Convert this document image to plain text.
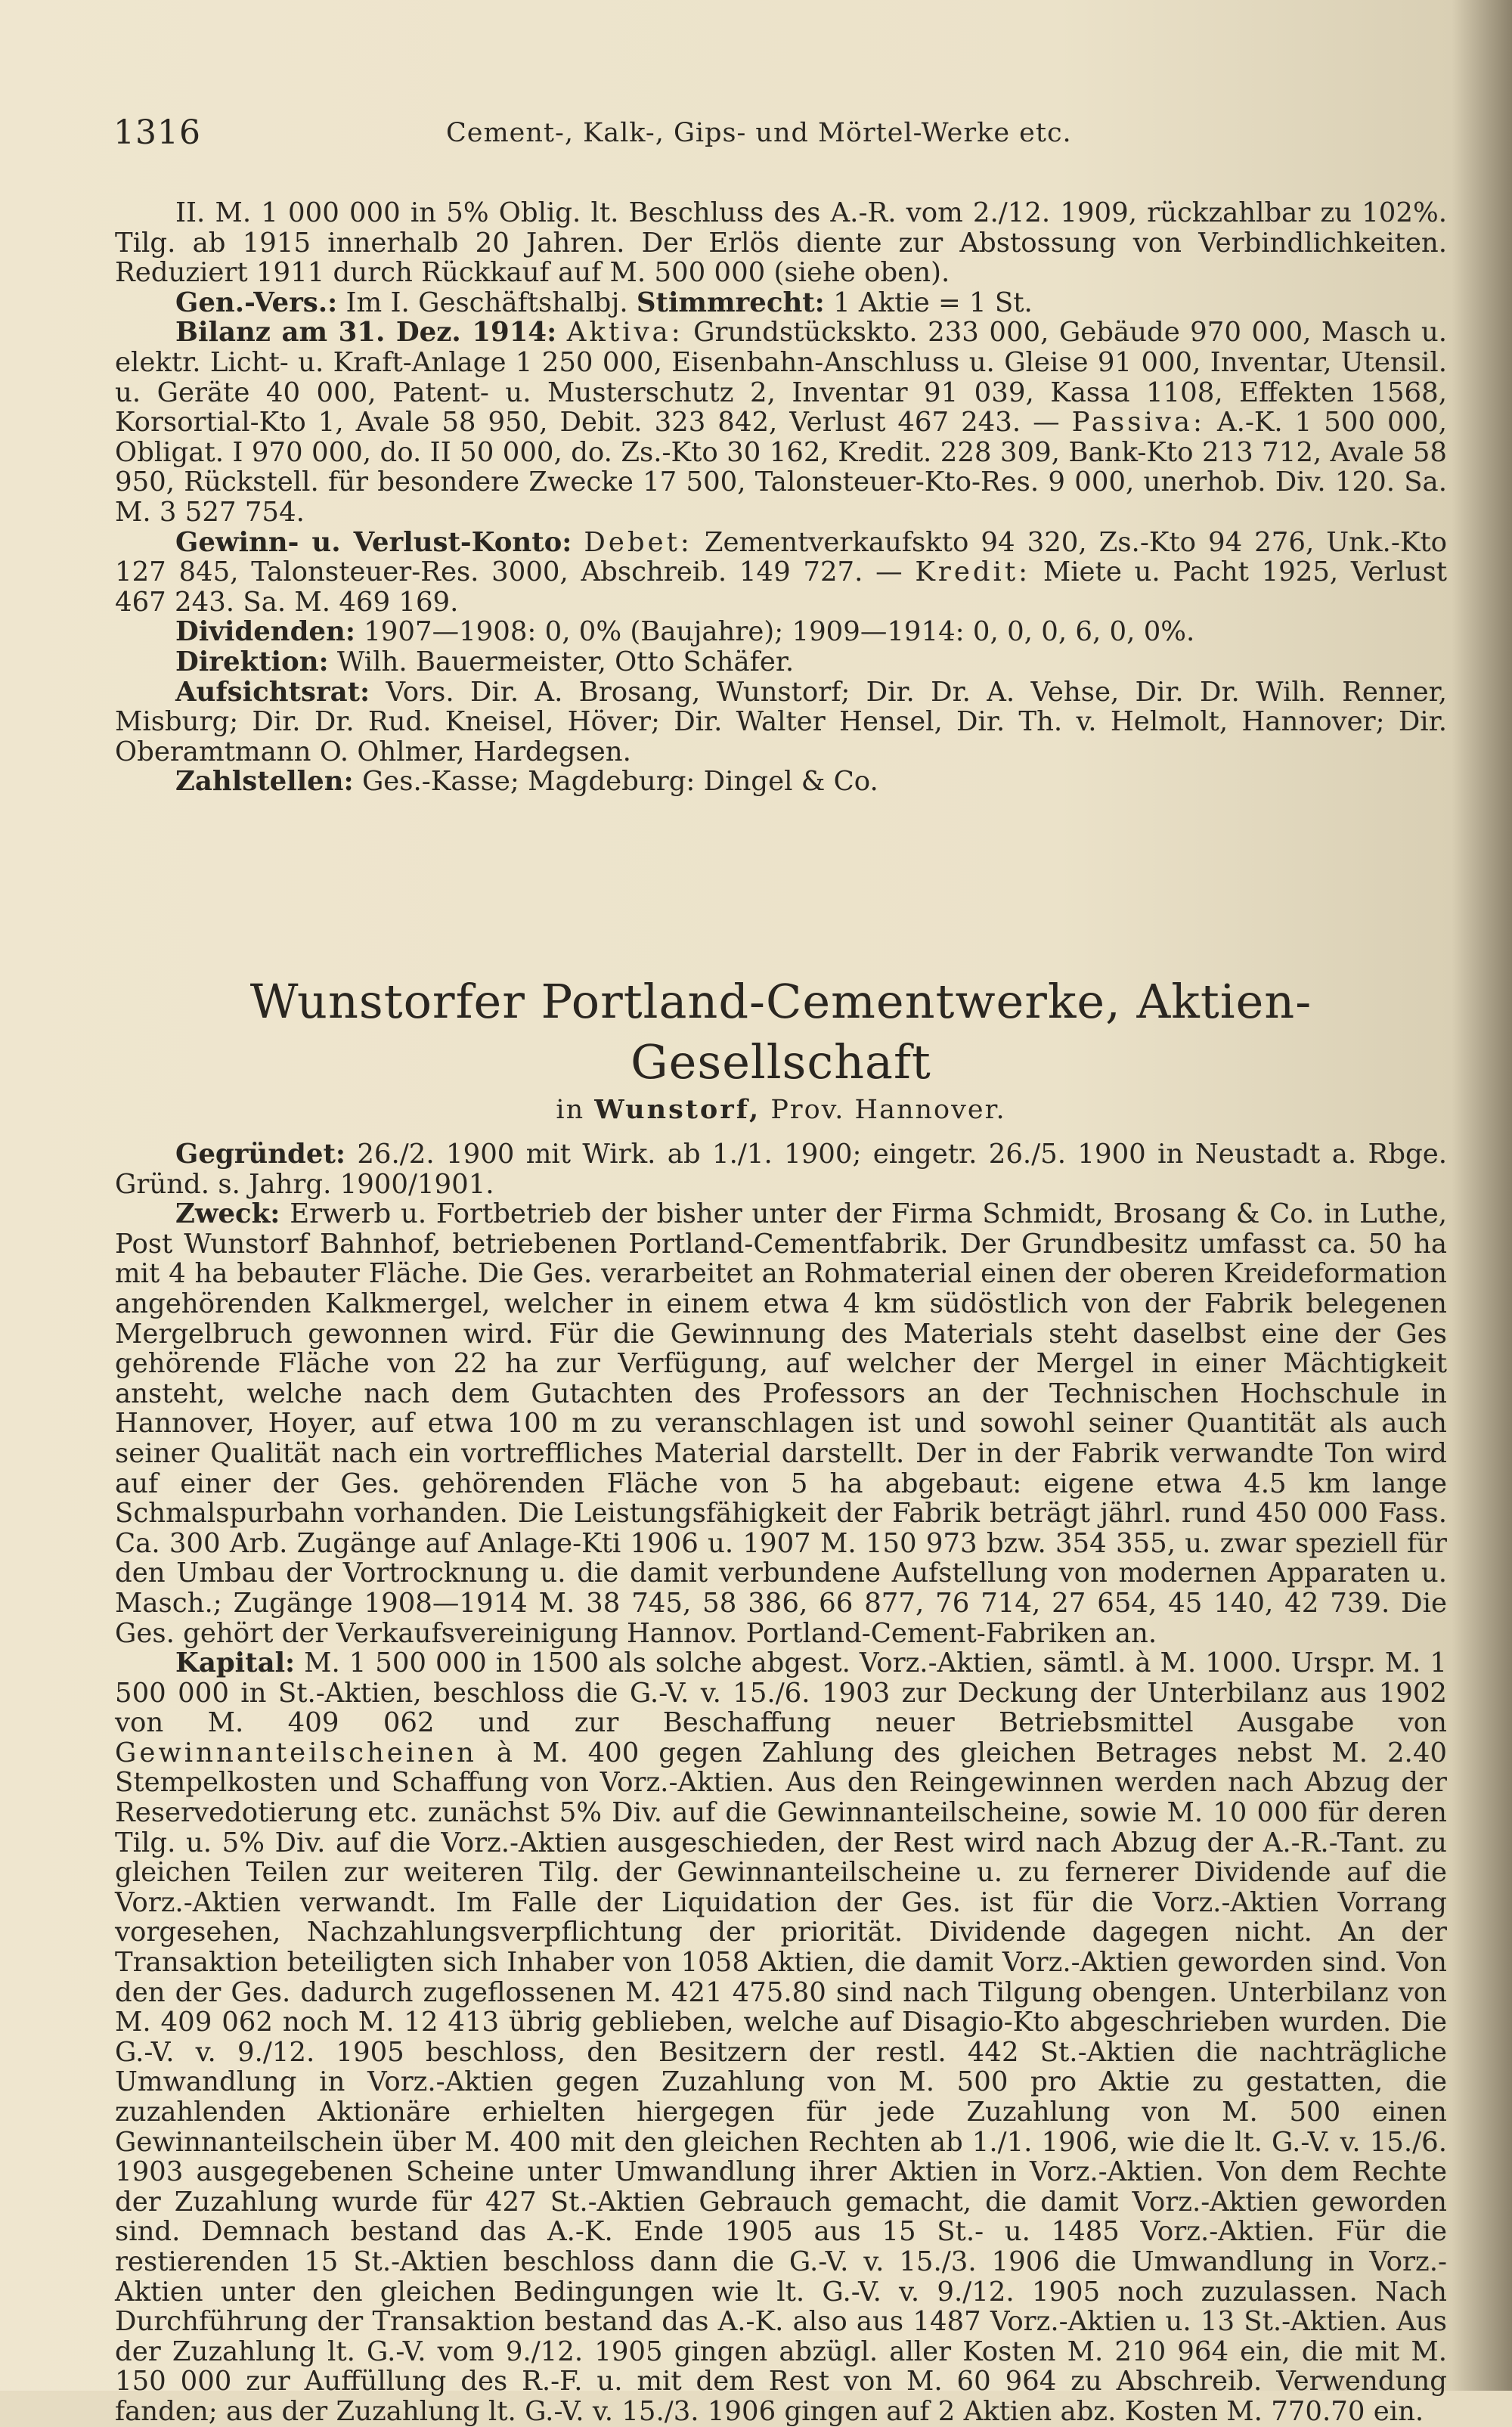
1316	Cement-, Kalk-, Gips- und Mörtel-Werke etc.
II. M. 1 000 000 in 5% Oblig. lt. Beschluss des A.-R. vom 2./12. 1909, rückzahlbar zu 102%. Tilg. ab 1915 innerhalb 20 Jahren. Der Erlös diente zur Abstossung von Verbindlichkeiten. Reduziert 1911 durch Rückkauf auf M. 500 000 (siehe oben).
Gen.-Vers.: Im I. Geschäftshalbj. Stimmrecht: 1 Aktie = 1 St.
Bilanz am 31. Dez. 1914: Aktiva: Grundstückskto. 233 000, Gebäude 970 000, Masch u. elektr. Licht- u. Kraft-Anlage 1 250 000, Eisenbahn-Anschluss u. Gleise 91 000, Inventar, Utensil. u. Geräte 40 000, Patent- u. Musterschutz 2, Inventar 91 039, Kassa 1108, Effekten 1568, Korsortial-Kto 1, Avale 58 950, Debit. 323 842, Verlust 467 243. — Passiva: A.-K. 1 500 000, Obligat. I 970 000, do. II 50 000, do. Zs.-Kto 30 162, Kredit. 228 309, Bank-Kto 213 712, Avale 58 950, Rückstell. für besondere Zwecke 17 500, Talonsteuer-Kto-Res. 9 000, unerhob. Div. 120. Sa. M. 3 527 754.
Gewinn- u. Verlust-Konto: Debet: Zementverkaufskto 94 320, Zs.-Kto 94 276, Unk.-Kto 127 845, Talonsteuer-Res. 3000, Abschreib. 149 727. — Kredit: Miete u. Pacht 1925, Verlust 467 243. Sa. M. 469 169.
Dividenden: 1907—1908: 0, 0% (Baujahre); 1909—1914: 0, 0, 0, 6, 0, 0%.
Direktion: Wilh. Bauermeister, Otto Schäfer.
Aufsichtsrat: Vors. Dir. A. Brosang, Wunstorf; Dir. Dr. A. Vehse, Dir. Dr. Wilh. Renner, Misburg; Dir. Dr. Rud. Kneisel, Höver; Dir. Walter Hensel, Dir. Th. v. Helmolt, Hannover; Dir. Oberamtmann O. Ohlmer, Hardegsen.
Zahlstellen: Ges.-Kasse; Magdeburg: Dingel & Co.
Wunstorfer Portland-Cementwerke, Aktien-Gesellschaft
in Wunstorf, Prov. Hannover.
Gegründet: 26./2. 1900 mit Wirk. ab 1./1. 1900; eingetr. 26./5. 1900 in Neustadt a. Rbge. Gründ. s. Jahrg. 1900/1901.
Zweck: Erwerb u. Fortbetrieb der bisher unter der Firma Schmidt, Brosang & Co. in Luthe, Post Wunstorf Bahnhof, betriebenen Portland-Cementfabrik. Der Grundbesitz umfasst ca. 50 ha mit 4 ha bebauter Fläche. Die Ges. verarbeitet an Rohmaterial einen der oberen Kreideformation angehörenden Kalkmergel, welcher in einem etwa 4 km südöstlich von der Fabrik belegenen Mergelbruch gewonnen wird. Für die Gewinnung des Materials steht daselbst eine der Ges gehörende Fläche von 22 ha zur Verfügung, auf welcher der Mergel in einer Mächtigkeit ansteht, welche nach dem Gutachten des Professors an der Technischen Hochschule in Hannover, Hoyer, auf etwa 100 m zu veranschlagen ist und sowohl seiner Quantität als auch seiner Qualität nach ein vortreffliches Material darstellt. Der in der Fabrik verwandte Ton wird auf einer der Ges. gehörenden Fläche von 5 ha abgebaut: eigene etwa 4.5 km lange Schmalspurbahn vorhanden. Die Leistungsfähigkeit der Fabrik beträgt jährl. rund 450 000 Fass. Ca. 300 Arb. Zugänge auf Anlage-Kti 1906 u. 1907 M. 150 973 bzw. 354 355, u. zwar speziell für den Umbau der Vortrocknung u. die damit verbundene Aufstellung von modernen Apparaten u. Masch.; Zugänge 1908—1914 M. 38 745, 58 386, 66 877, 76 714, 27 654, 45 140, 42 739. Die Ges. gehört der Verkaufsvereinigung Hannov. Portland-Cement-Fabriken an.
Kapital: M. 1 500 000 in 1500 als solche abgest. Vorz.-Aktien, sämtl. à M. 1000. Urspr. M. 1 500 000 in St.-Aktien, beschloss die G.-V. v. 15./6. 1903 zur Deckung der Unterbilanz aus 1902 von M. 409 062 und zur Beschaffung neuer Betriebsmittel Ausgabe von Gewinnanteilscheinen à M. 400 gegen Zahlung des gleichen Betrages nebst M. 2.40 Stempelkosten und Schaffung von Vorz.-Aktien. Aus den Reingewinnen werden nach Abzug der Reservedotierung etc. zunächst 5% Div. auf die Gewinnanteilscheine, sowie M. 10 000 für deren Tilg. u. 5% Div. auf die Vorz.-Aktien ausgeschieden, der Rest wird nach Abzug der A.-R.-Tant. zu gleichen Teilen zur weiteren Tilg. der Gewinnanteilscheine u. zu fernerer Dividende auf die Vorz.-Aktien verwandt. Im Falle der Liquidation der Ges. ist für die Vorz.-Aktien Vorrang vorgesehen, Nachzahlungsverpflichtung der priorität. Dividende dagegen nicht. An der Transaktion beteiligten sich Inhaber von 1058 Aktien, die damit Vorz.-Aktien geworden sind. Von den der Ges. dadurch zugeflossenen M. 421 475.80 sind nach Tilgung obengen. Unterbilanz von M. 409 062 noch M. 12 413 übrig geblieben, welche auf Disagio-Kto abgeschrieben wurden. Die G.-V. v. 9./12. 1905 beschloss, den Besitzern der restl. 442 St.-Aktien die nachträgliche Umwandlung in Vorz.-Aktien gegen Zuzahlung von M. 500 pro Aktie zu gestatten, die zuzahlenden Aktionäre erhielten hiergegen für jede Zuzahlung von M. 500 einen Gewinnanteilschein über M. 400 mit den gleichen Rechten ab 1./1. 1906, wie die lt. G.-V. v. 15./6. 1903 ausgegebenen Scheine unter Umwandlung ihrer Aktien in Vorz.-Aktien. Von dem Rechte der Zuzahlung wurde für 427 St.-Aktien Gebrauch gemacht, die damit Vorz.-Aktien geworden sind. Demnach bestand das A.-K. Ende 1905 aus 15 St.- u. 1485 Vorz.-Aktien. Für die restierenden 15 St.-Aktien beschloss dann die G.-V. v. 15./3. 1906 die Umwandlung in Vorz.-Aktien unter den gleichen Bedingungen wie lt. G.-V. v. 9./12. 1905 noch zuzulassen. Nach Durchführung der Transaktion bestand das A.-K. also aus 1487 Vorz.-Aktien u. 13 St.-Aktien. Aus der Zuzahlung lt. G.-V. vom 9./12. 1905 gingen abzügl. aller Kosten M. 210 964 ein, die mit M. 150 000 zur Auffüllung des R.-F. u. mit dem Rest von M. 60 964 zu Abschreib. Verwendung fanden; aus der Zuzahlung lt. G.-V. v. 15./3. 1906 gingen auf 2 Aktien abz. Kosten M. 770.70 ein.
